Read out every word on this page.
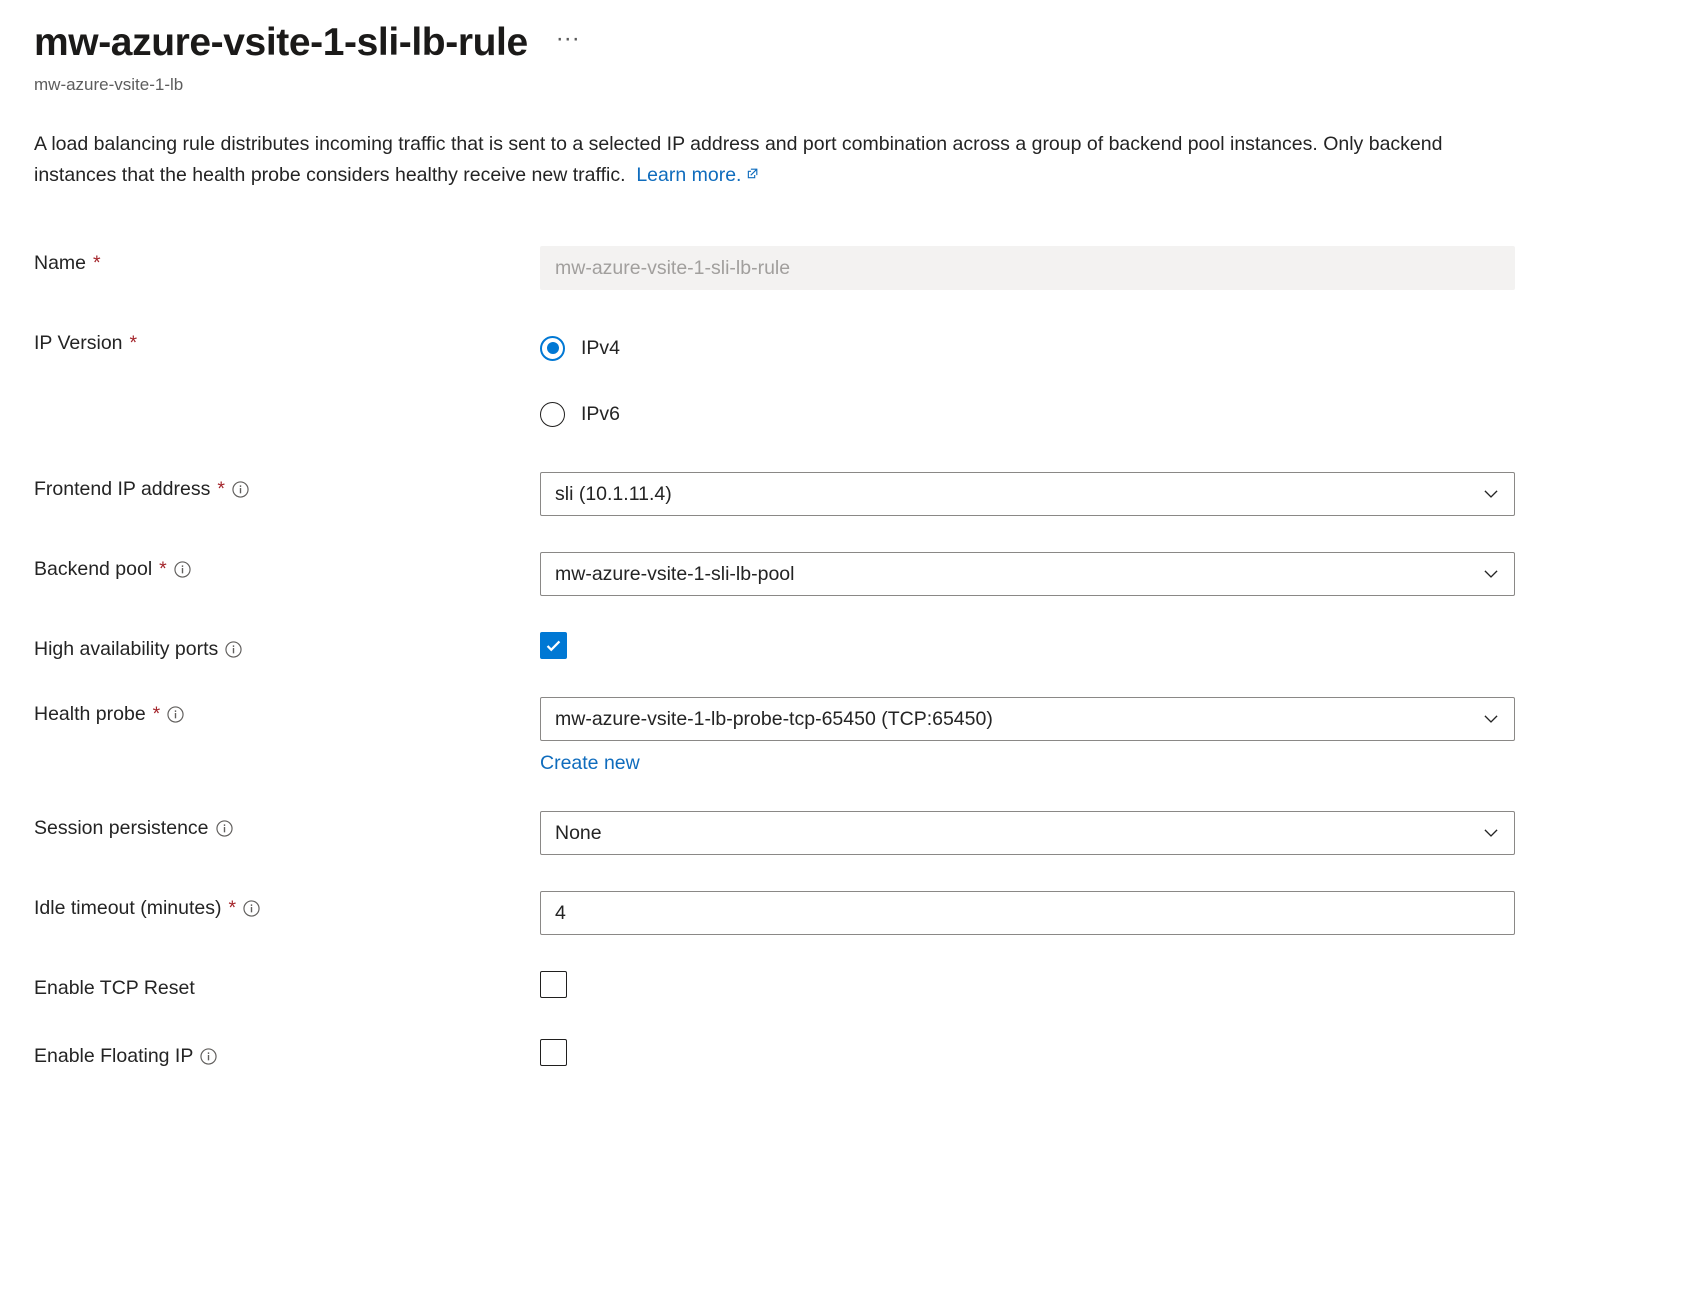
mw-azure-vsite-1-sli-lb-rule ···
mw-azure-vsite-1-lb
A load balancing rule distributes incoming traffic that is sent to a selected IP address and port combination across a group of backend pool instances. Only backend instances that the health probe considers healthy receive new traffic. Learn more.
Name *	mw-azure-vsite-1-sli-lb-rule
IP Version *	IPv4
IPv6
Frontend IP address *	sli (10.1.11.4)
Backend pool *	mw-azure-vsite-1-sli-lb-pool
High availability ports
Health probe *	mw-azure-vsite-1-lb-probe-tcp-65450 (TCP:65450)
Create new
Session persistence	None
Idle timeout (minutes) *	4
Enable TCP Reset
Enable Floating IP
